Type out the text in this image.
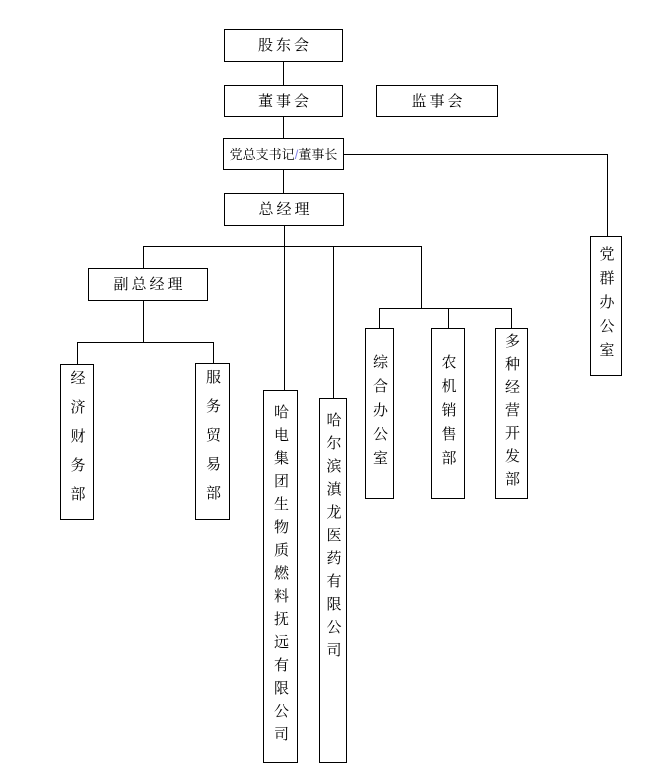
股东会
董事会	监事会
党总支书记 / 董事长
总经理
副总经理
经济财务部	服务贸易部	哈电集团生物质燃料抚远有限公司 哈尔滨滇龙医药有限公司 综合办公室	农机销售部	多种经营开发部
党群办公室
